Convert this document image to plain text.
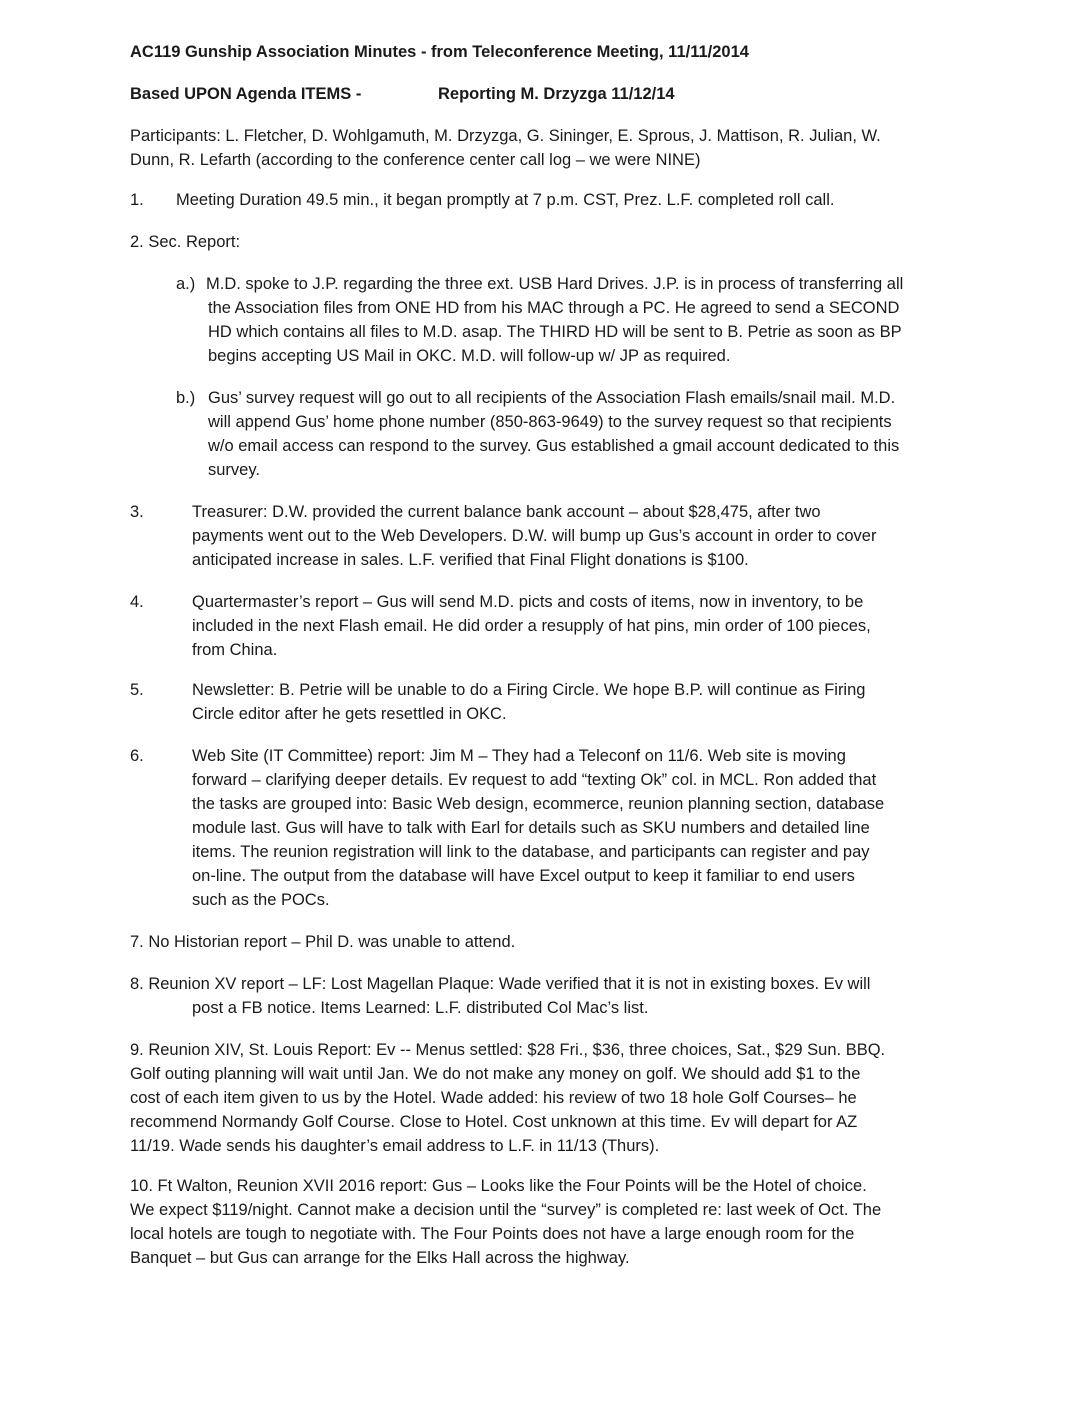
AC119 Gunship Association Minutes - from Teleconference Meeting, 11/11/2014
Based UPON Agenda ITEMS -	Reporting M. Drzyzga 11/12/14
Participants: L. Fletcher, D. Wohlgamuth, M. Drzyzga, G. Sininger, E. Sprous, J. Mattison, R. Julian, W.
Dunn, R. Lefarth (according to the conference center call log – we were NINE)
1. Meeting Duration 49.5 min., it began promptly at 7 p.m. CST, Prez. L.F. completed roll call.
2. Sec. Report:
a.) M.D. spoke to J.P. regarding the three ext. USB Hard Drives. J.P. is in process of transferring all
the Association files from ONE HD from his MAC through a PC. He agreed to send a SECOND
HD which contains all files to M.D. asap. The THIRD HD will be sent to B. Petrie as soon as BP
begins accepting US Mail in OKC. M.D. will follow-up w/ JP as required.
b.) Gus’ survey request will go out to all recipients of the Association Flash emails/snail mail. M.D.
will append Gus’ home phone number (850-863-9649) to the survey request so that recipients
w/o email access can respond to the survey. Gus established a gmail account dedicated to this
survey.
3.	Treasurer: D.W. provided the current balance bank account – about $28,475, after two
payments went out to the Web Developers. D.W. will bump up Gus’s account in order to cover
anticipated increase in sales. L.F. verified that Final Flight donations is $100.
4.	Quartermaster’s report – Gus will send M.D. picts and costs of items, now in inventory, to be
included in the next Flash email. He did order a resupply of hat pins, min order of 100 pieces,
from China.
5.	Newsletter: B. Petrie will be unable to do a Firing Circle. We hope B.P. will continue as Firing
Circle editor after he gets resettled in OKC.
6.	Web Site (IT Committee) report: Jim M – They had a Teleconf on 11/6. Web site is moving
forward – clarifying deeper details. Ev request to add “texting Ok” col. in MCL. Ron added that
the tasks are grouped into: Basic Web design, ecommerce, reunion planning section, database
module last. Gus will have to talk with Earl for details such as SKU numbers and detailed line
items. The reunion registration will link to the database, and participants can register and pay
on-line. The output from the database will have Excel output to keep it familiar to end users
such as the POCs.
7. No Historian report – Phil D. was unable to attend.
8. Reunion XV report – LF: Lost Magellan Plaque: Wade verified that it is not in existing boxes. Ev will
post a FB notice. Items Learned: L.F. distributed Col Mac’s list.
9. Reunion XIV, St. Louis Report: Ev -- Menus settled: $28 Fri., $36, three choices, Sat., $29 Sun. BBQ.
Golf outing planning will wait until Jan. We do not make any money on golf. We should add $1 to the
cost of each item given to us by the Hotel. Wade added: his review of two 18 hole Golf Courses– he
recommend Normandy Golf Course. Close to Hotel. Cost unknown at this time. Ev will depart for AZ
11/19. Wade sends his daughter’s email address to L.F. in 11/13 (Thurs).
10. Ft Walton, Reunion XVII 2016 report: Gus – Looks like the Four Points will be the Hotel of choice.
We expect $119/night. Cannot make a decision until the “survey” is completed re: last week of Oct. The
local hotels are tough to negotiate with. The Four Points does not have a large enough room for the
Banquet – but Gus can arrange for the Elks Hall across the highway.
